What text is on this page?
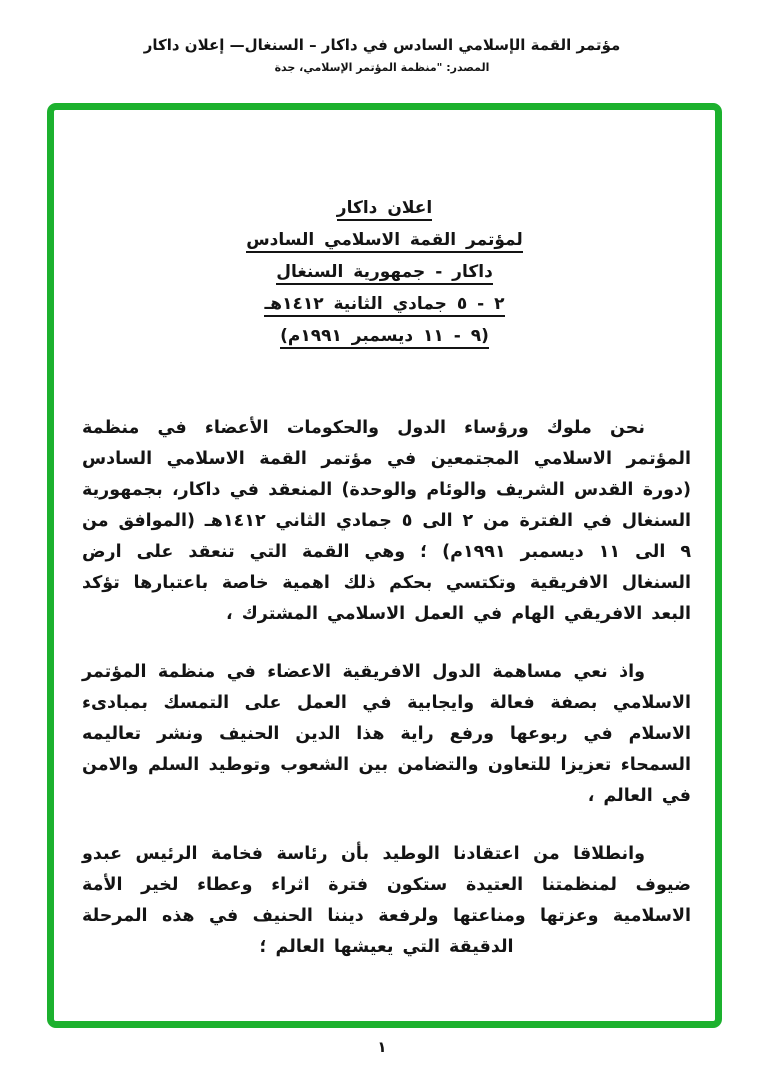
مؤتمر القمة الإسلامي السادس في داكار – السنغال— إعلان داكار
المصدر: "منظمة المؤتمر الإسلامي، جدة
اعلان داكار
لمؤتمر القمة الاسلامي السادس
داكار - جمهورية السنغال
٢ - ٥ جمادي الثانية ١٤١٢هـ
(٩ - ١١ ديسمبر ١٩٩١م)

نحن ملوك ورؤساء الدول والحكومات الأعضاء في منظمة المؤتمر الاسلامي المجتمعين في مؤتمر القمة الاسلامي السادس (دورة القدس الشريف والوئام والوحدة) المنعقد في داكار، بجمهورية السنغال في الفترة من ٢ الى ٥ جمادي الثاني ١٤١٢هـ (الموافق من ٩ الى ١١ ديسمبر ١٩٩١م) ؛ وهي القمة التي تنعقد على ارض السنغال الافريقية وتكتسي بحكم ذلك اهمية خاصة باعتبارها تؤكد البعد الافريقي الهام في العمل الاسلامي المشترك ،

واذ نعي مساهمة الدول الافريقية الاعضاء في منظمة المؤتمر الاسلامي بصفة فعالة وايجابية في العمل على التمسك بمبادىء الاسلام في ربوعها ورفع راية هذا الدين الحنيف ونشر تعاليمه السمحاء تعزيزا للتعاون والتضامن بين الشعوب وتوطيد السلم والامن في العالم ،

وانطلاقا من اعتقادنا الوطيد بأن رئاسة فخامة الرئيس عبدو ضيوف لمنظمتنا العتيدة ستكون فترة اثراء وعطاء لخير الأمة الاسلامية وعزتها ومناعتها ولرفعة ديننا الحنيف في هذه المرحلة الدقيقة التي يعيشها العالم ؛

١
